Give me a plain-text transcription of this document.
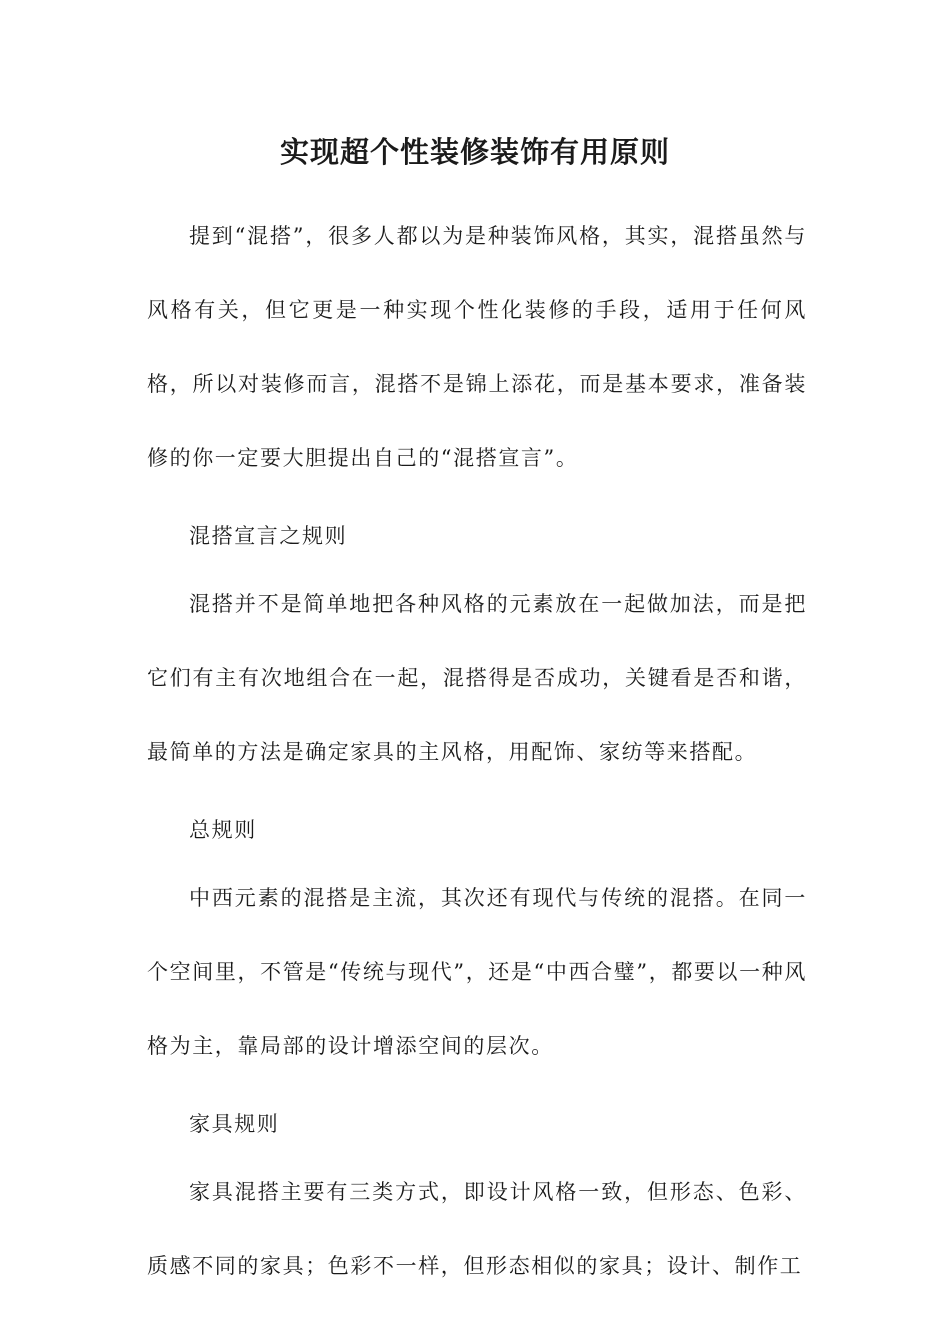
实现超个性装修装饰有用原则

提到“混搭”，很多人都以为是种装饰风格，其实，混搭虽然与风格有关，但它更是一种实现个性化装修的手段，适用于任何风格，所以对装修而言，混搭不是锦上添花，而是基本要求，准备装修的你一定要大胆提出自己的“混搭宣言”。

混搭宣言之规则

混搭并不是简单地把各种风格的元素放在一起做加法，而是把它们有主有次地组合在一起，混搭得是否成功，关键看是否和谐，最简单的方法是确定家具的主风格，用配饰、家纺等来搭配。

总规则

中西元素的混搭是主流，其次还有现代与传统的混搭。在同一个空间里，不管是“传统与现代”，还是“中西合璧”，都要以一种风格为主，靠局部的设计增添空间的层次。

家具规则

家具混搭主要有三类方式，即设计风格一致，但形态、色彩、质感不同的家具；色彩不一样，但形态相似的家具；设计、制作工
